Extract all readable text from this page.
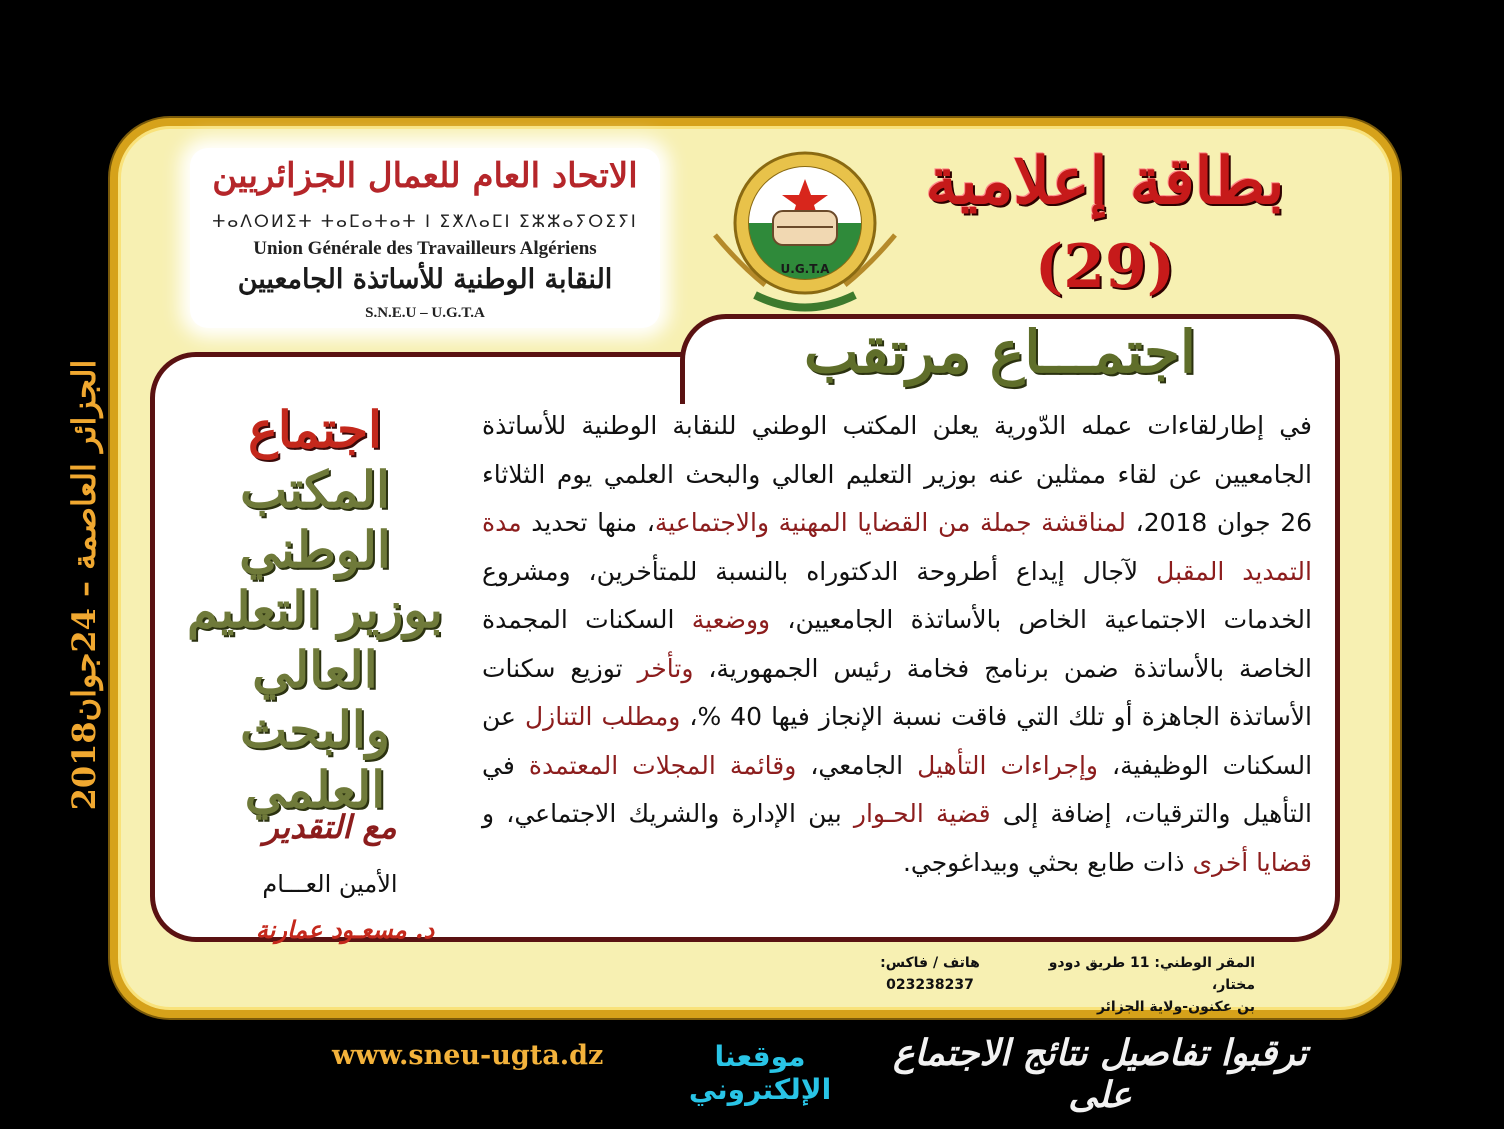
الاتحاد العام للعمال الجزائريين
ⵜⴰⴷⵔⵍⵉⵜ ⵜⴰⵎⴰⵜⴰⵜ ⵏ ⵉⵅⴷⴰⵎⵏ ⵉⵣⵣⴰⵢⵔⵉⵢⵏ
Union Générale des Travailleurs Algériens
النقابة الوطنية للأساتذة الجامعيين
S.N.E.U – U.G.T.A
U.G.T.A
بطاقة إعلامية
(29)
اجتمـــاع مرتقب
في إطارلقاءات عمله الدّورية يعلن المكتب الوطني للنقابة الوطنية للأساتذة الجامعيين عن لقاء ممثلين عنه بوزير التعليم العالي والبحث العلمي يوم الثلاثاء 26 جوان 2018، لمناقشة جملة من القضايا المهنية والاجتماعية، منها تحديد مدة التمديد المقبل لآجال إيداع أطروحة الدكتوراه بالنسبة للمتأخرين، ومشروع الخدمات الاجتماعية الخاص بالأساتذة الجامعيين، ووضعية السكنات المجمدة الخاصة بالأساتذة ضمن برنامج فخامة رئيس الجمهورية، وتأخر توزيع سكنات الأساتذة الجاهزة أو تلك التي فاقت نسبة الإنجاز فيها 40 %، ومطلب التنازل عن السكنات الوظيفية، وإجراءات التأهيل الجامعي، وقائمة المجلات المعتمدة في التأهيل والترقيات، إضافة إلى قضية الحـوار بين الإدارة والشريك الاجتماعي، و قضايا أخرى ذات طابع بحثي وبيداغوجي.
اجتماع
المكتب الوطني
بوزير التعليم العالي
والبحث العلمي
مع التقدير
الأمين العـــام
د. مسعـود عمارنة
المقر الوطني: 11 طريق دودو مختار،
بن عكنون-ولاية الجزائر
هاتف / فاكس:
023238237
الجزائر العاصمة – 24جوان2018
www.sneu-ugta.dz	موقعنا الإلكتروني
ترقبوا تفاصيل نتائج الاجتماع على
